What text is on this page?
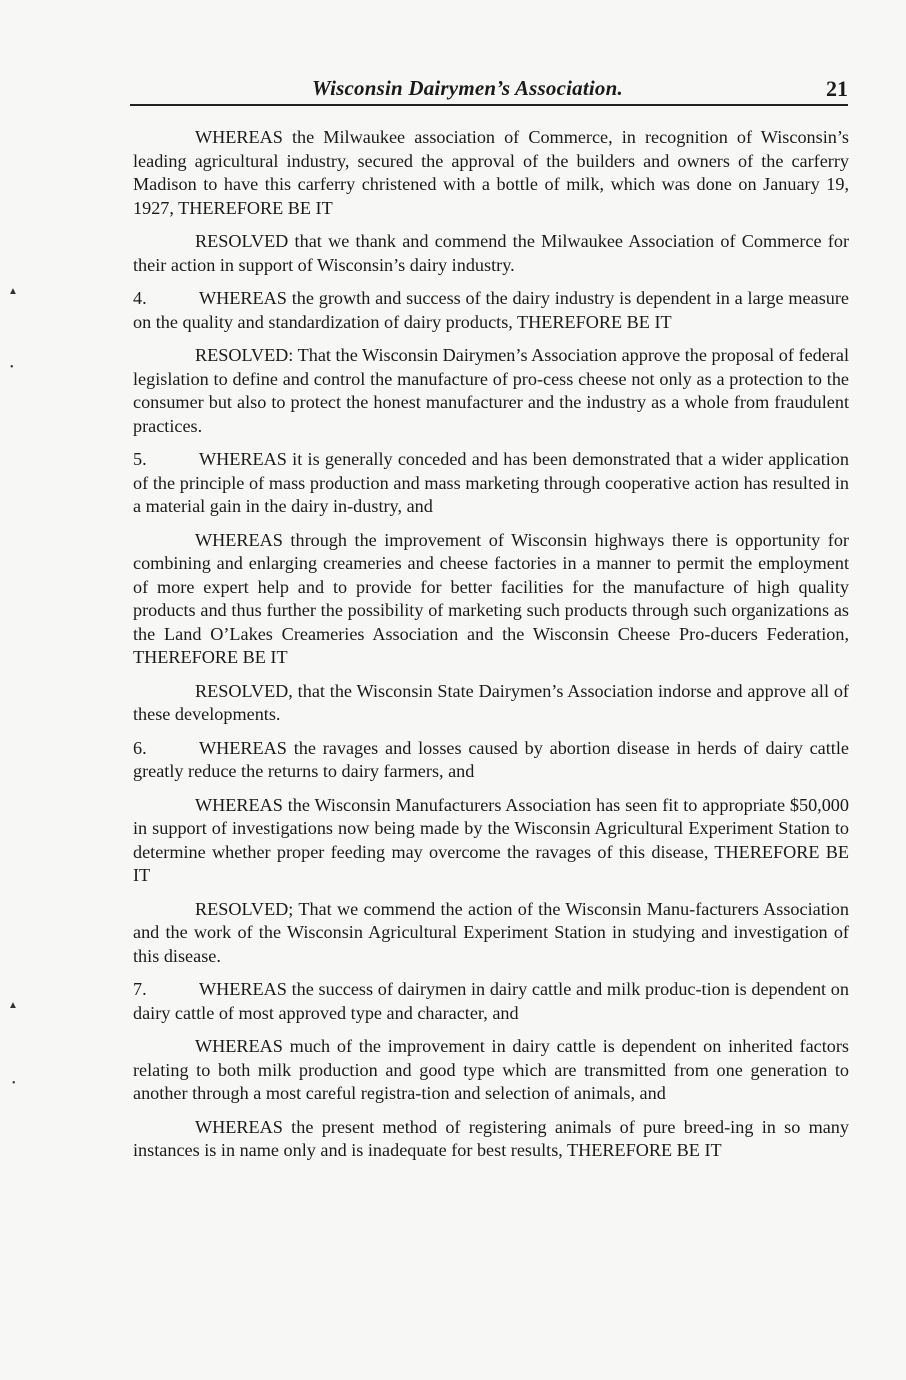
Wisconsin Dairymen’s Association.	21
▲
•
▲
•

WHEREAS the Milwaukee association of Commerce, in recognition of Wisconsin’s leading agricultural industry, secured the approval of the builders and owners of the carferry Madison to have this carferry christened with a bottle of milk, which was done on January 19, 1927, THEREFORE BE IT

RESOLVED that we thank and commend the Milwaukee Association of Commerce for their action in support of Wisconsin’s dairy industry.

4.	WHEREAS the growth and success of the dairy industry is dependent in a large measure on the quality and standardization of dairy products, THEREFORE BE IT

RESOLVED: That the Wisconsin Dairymen’s Association approve the proposal of federal legislation to define and control the manufacture of pro-cess cheese not only as a protection to the consumer but also to protect the honest manufacturer and the industry as a whole from fraudulent practices.

5.	WHEREAS it is generally conceded and has been demonstrated that a wider application of the principle of mass production and mass marketing through cooperative action has resulted in a material gain in the dairy in-dustry, and

WHEREAS through the improvement of Wisconsin highways there is opportunity for combining and enlarging creameries and cheese factories in a manner to permit the employment of more expert help and to provide for better facilities for the manufacture of high quality products and thus further the possibility of marketing such products through such organizations as the Land O’Lakes Creameries Association and the Wisconsin Cheese Pro-ducers Federation, THEREFORE BE IT

RESOLVED, that the Wisconsin State Dairymen’s Association indorse and approve all of these developments.

6.	WHEREAS the ravages and losses caused by abortion disease in herds of dairy cattle greatly reduce the returns to dairy farmers, and

WHEREAS the Wisconsin Manufacturers Association has seen fit to appropriate $50,000 in support of investigations now being made by the Wisconsin Agricultural Experiment Station to determine whether proper feeding may overcome the ravages of this disease, THEREFORE BE IT

RESOLVED; That we commend the action of the Wisconsin Manu-facturers Association and the work of the Wisconsin Agricultural Experiment Station in studying and investigation of this disease.

7.	WHEREAS the success of dairymen in dairy cattle and milk produc-tion is dependent on dairy cattle of most approved type and character, and

WHEREAS much of the improvement in dairy cattle is dependent on inherited factors relating to both milk production and good type which are transmitted from one generation to another through a most careful registra-tion and selection of animals, and

WHEREAS the present method of registering animals of pure breed-ing in so many instances is in name only and is inadequate for best results, THEREFORE BE IT
